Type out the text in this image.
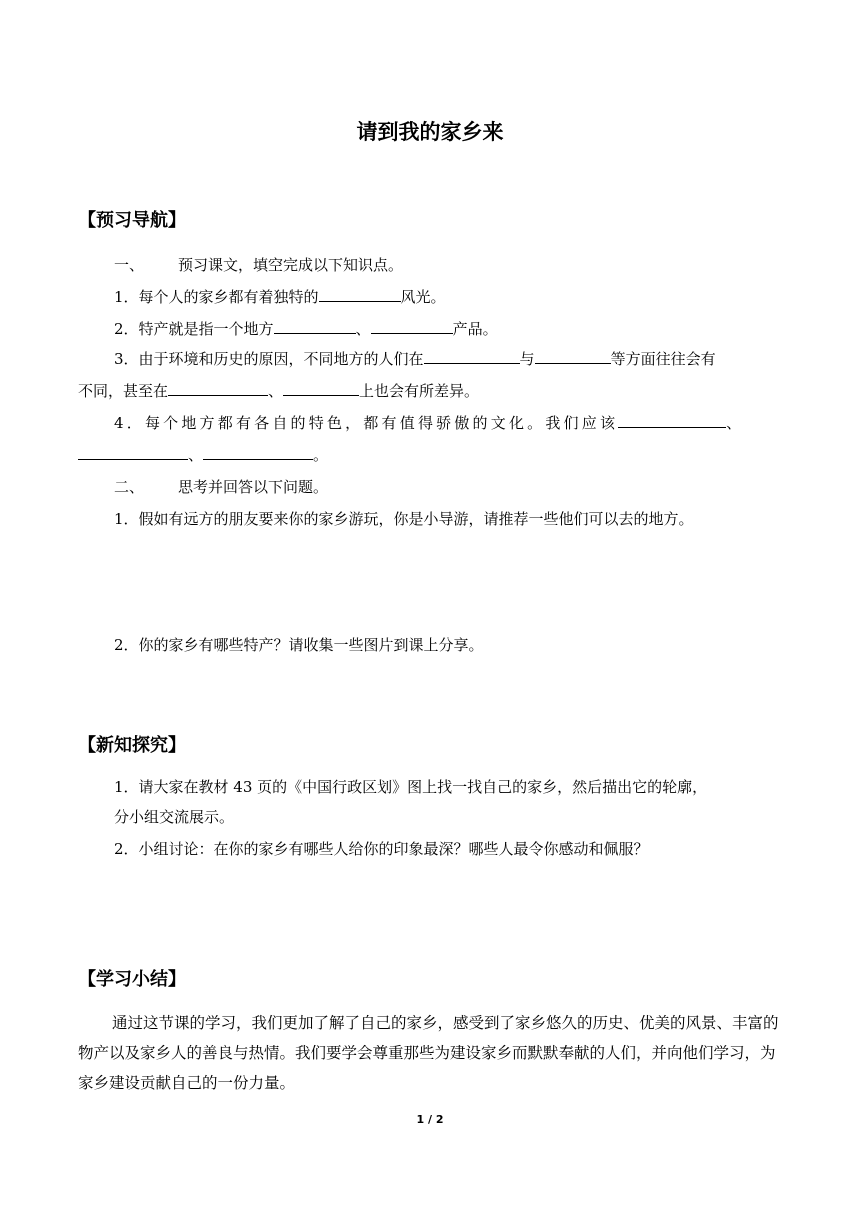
请到我的家乡来
【预习导航】
一、 预习课文，填空完成以下知识点。
1．每个人的家乡都有着独特的	风光。
2．特产就是指一个地方	、	产品。
3．由于环境和历史的原因，不同地方的人们在	与	等方面往往会有
不同，甚至在	、	上也会有所差异。
4．每个地方都有各自的特色，都有值得骄傲的文化。我们应该	、
、	。
二、 思考并回答以下问题。
1．假如有远方的朋友要来你的家乡游玩，你是小导游，请推荐一些他们可以去的地方。
2．你的家乡有哪些特产？请收集一些图片到课上分享。
【新知探究】
1．请大家在教材 43 页的《中国行政区划》图上找一找自己的家乡，然后描出它的轮廓，
分小组交流展示。
2．小组讨论：在你的家乡有哪些人给你的印象最深？哪些人最令你感动和佩服？
【学习小结】
通过这节课的学习，我们更加了解了自己的家乡，感受到了家乡悠久的历史、优美的风景、丰富的物产以及家乡人的善良与热情。我们要学会尊重那些为建设家乡而默默奉献的人们，并向他们学习，为家乡建设贡献自己的一份力量。
1 / 2
